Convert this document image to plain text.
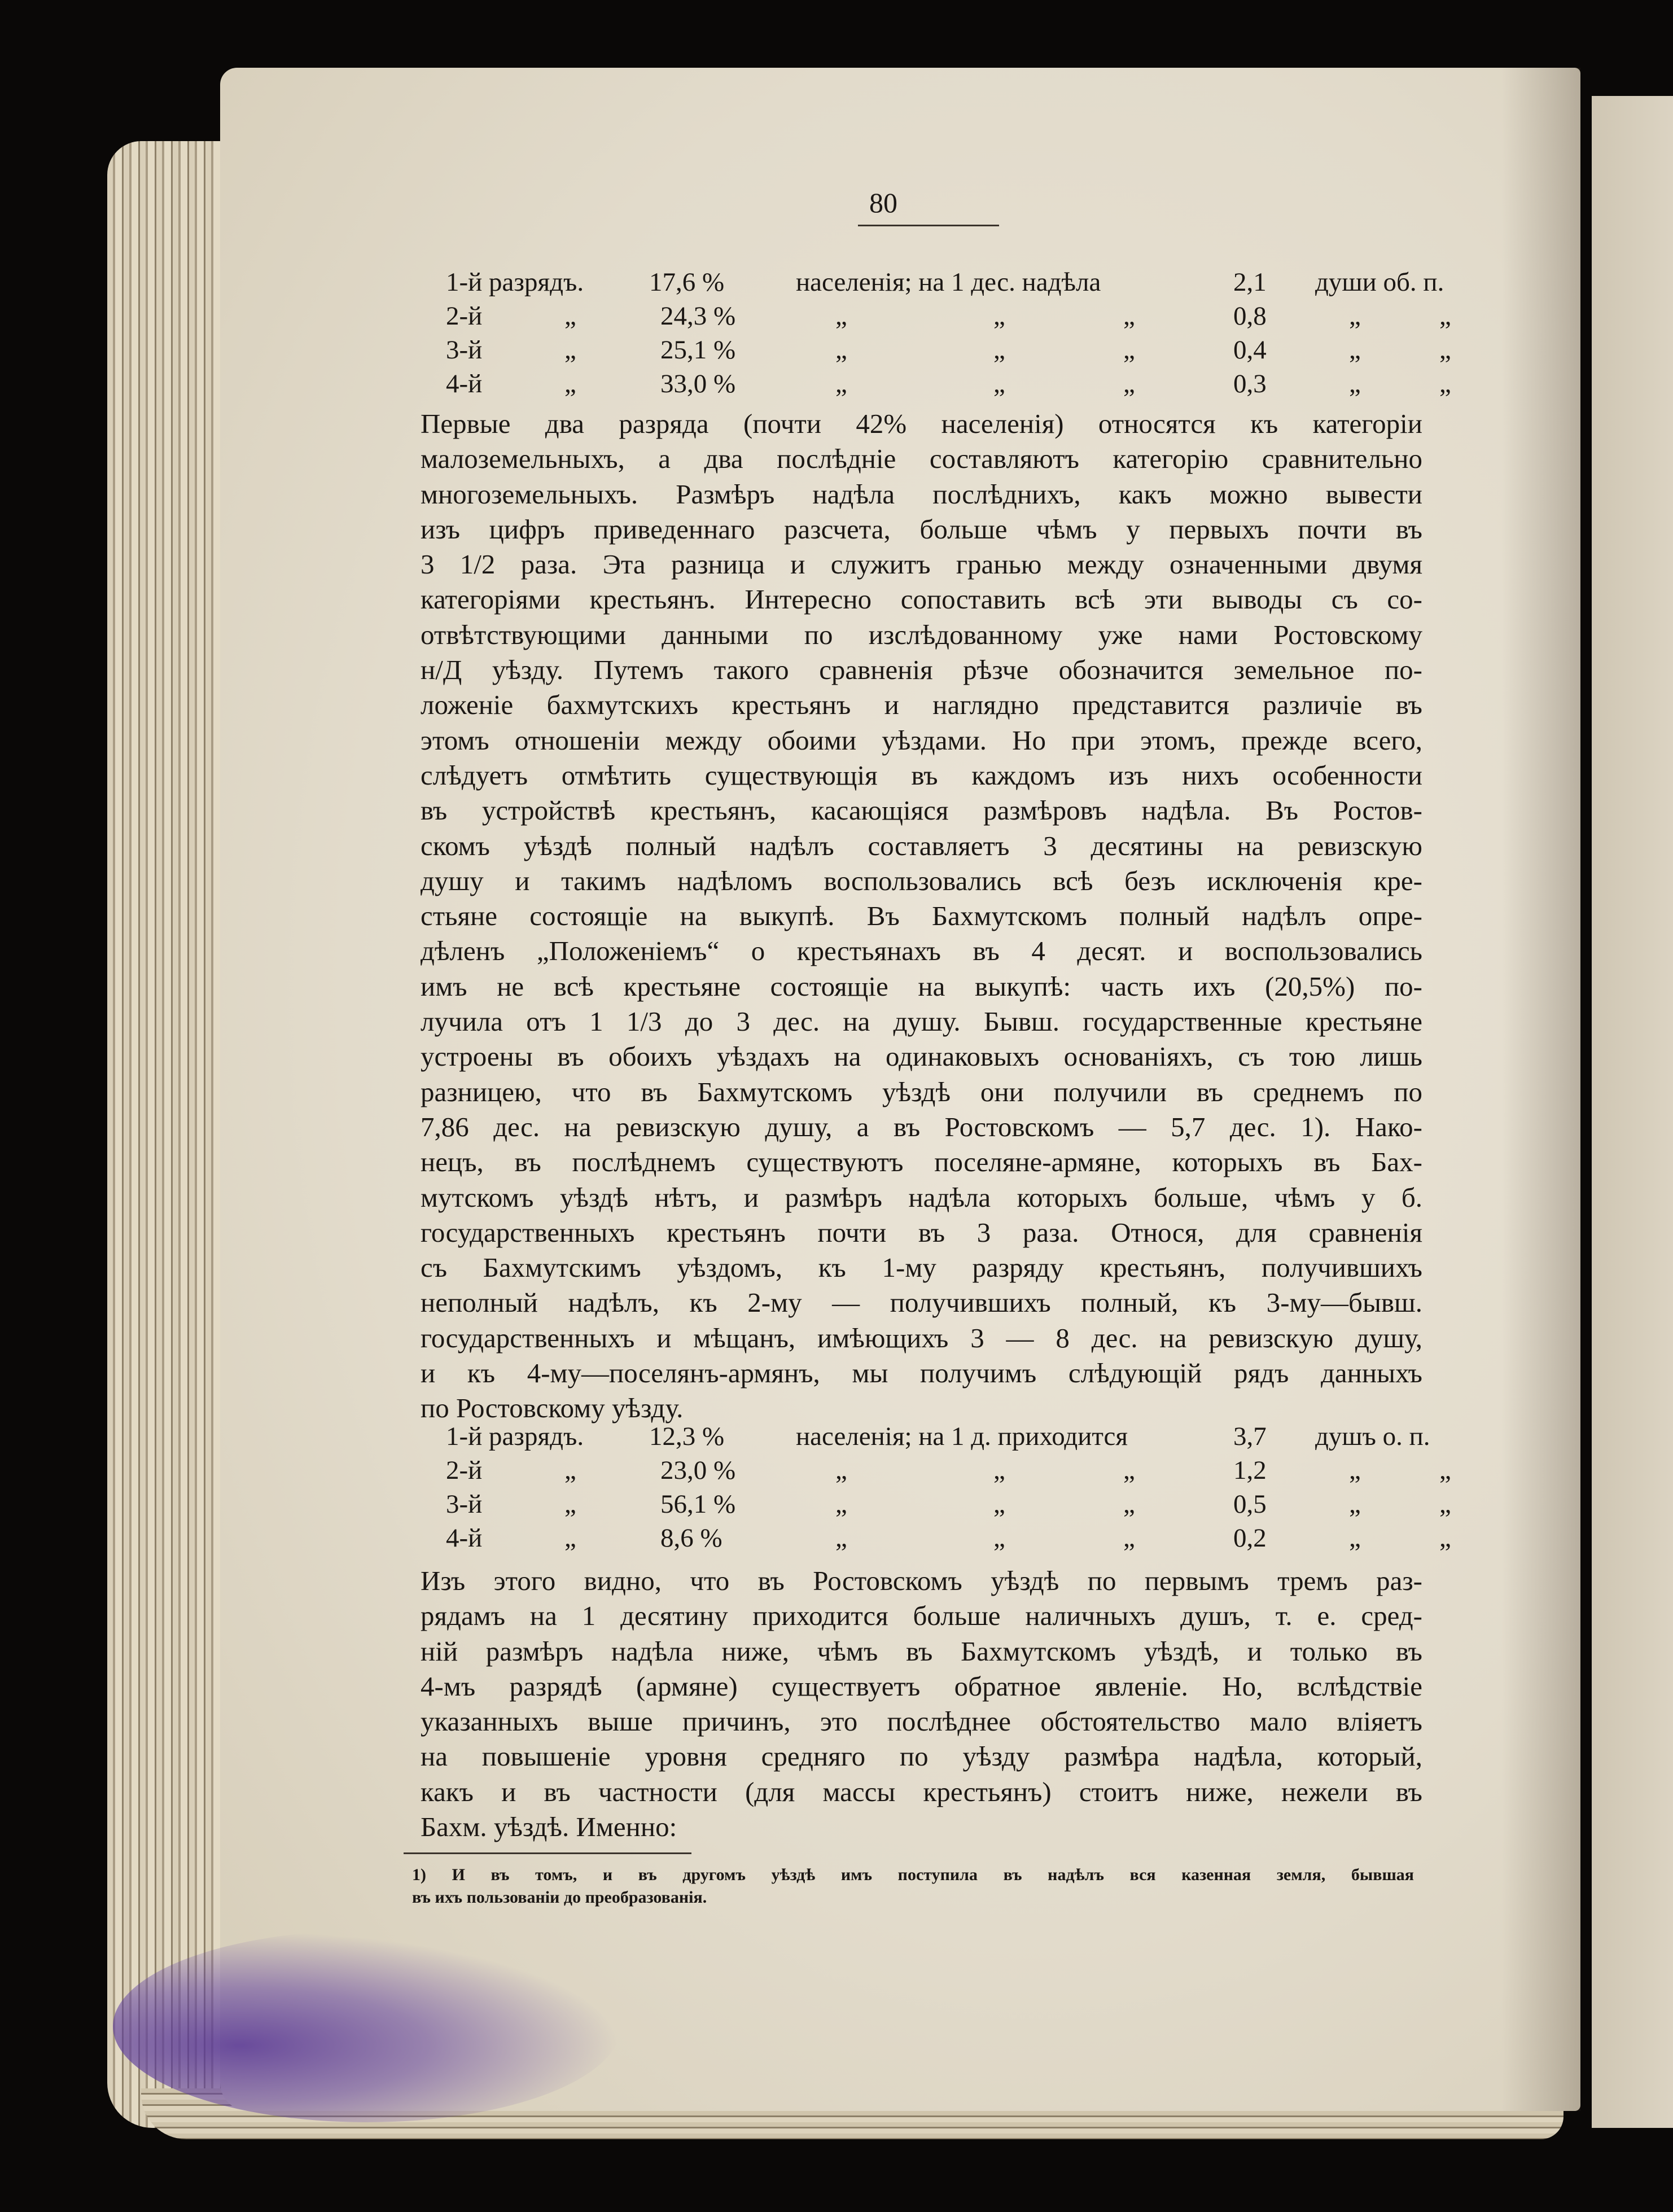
80
1-й разрядъ. 17,6 %	населенія; на 1 дес. надѣла	2,1 души об. п.
2-й	„	24,3 %	„	„	„	0,8	„	„
3-й	„	25,1 %	„	„	„	0,4	„	„
4-й	„	33,0 %	„	„	„	0,3	„	„
Первые два разряда (почти 42% населенія) относятся къ категоріи
малоземельныхъ, а два послѣдніе составляютъ категорію сравнительно
многоземельныхъ. Размѣръ надѣла послѣднихъ, какъ можно вывести
изъ цифръ приведеннаго разсчета, больше чѣмъ у первыхъ почти въ
3 1/2 раза. Эта разница и служитъ гранью между означенными двумя
категоріями крестьянъ. Интересно сопоставить всѣ эти выводы съ со-
отвѣтствующими данными по изслѣдованному уже нами Ростовскому
н/Д уѣзду. Путемъ такого сравненія рѣзче обозначится земельное по-
ложеніе бахмутскихъ крестьянъ и наглядно представится различіе въ
этомъ отношеніи между обоими уѣздами. Но при этомъ, прежде всего,
слѣдуетъ отмѣтить существующія въ каждомъ изъ нихъ особенности
въ устройствѣ крестьянъ, касающіяся размѣровъ надѣла. Въ Ростов-
скомъ уѣздѣ полный надѣлъ составляетъ 3 десятины на ревизскую
душу и такимъ надѣломъ воспользовались всѣ безъ исключенія кре-
стьяне состоящіе на выкупѣ. Въ Бахмутскомъ полный надѣлъ опре-
дѣленъ „Положеніемъ“ о крестьянахъ въ 4 десят. и воспользовались
имъ не всѣ крестьяне состоящіе на выкупѣ: часть ихъ (20,5%) по-
лучила отъ 1 1/3 до 3 дес. на душу. Бывш. государственные крестьяне
устроены въ обоихъ уѣздахъ на одинаковыхъ основаніяхъ, съ тою лишь
разницею, что въ Бахмутскомъ уѣздѣ они получили въ среднемъ по
7,86 дес. на ревизскую душу, а въ Ростовскомъ — 5,7 дес. 1). Нако-
нецъ, въ послѣднемъ существуютъ поселяне-армяне, которыхъ въ Бах-
мутскомъ уѣздѣ нѣтъ, и размѣръ надѣла которыхъ больше, чѣмъ у б.
государственныхъ крестьянъ почти въ 3 раза. Относя, для сравненія
съ Бахмутскимъ уѣздомъ, къ 1-му разряду крестьянъ, получившихъ
неполный надѣлъ, къ 2-му — получившихъ полный, къ 3-му—бывш.
государственныхъ и мѣщанъ, имѣющихъ 3 — 8 дес. на ревизскую душу,
и къ 4-му—поселянъ-армянъ, мы получимъ слѣдующій рядъ данныхъ
по Ростовскому уѣзду.
1-й разрядъ. 12,3 %	населенія; на 1 д. приходится	3,7 душъ о. п.
2-й	„	23,0 %	„	„	„	1,2	„	„
3-й	„	56,1 %	„	„	„	0,5	„	„
4-й	„	8,6 %	„	„	„	0,2	„	„
Изъ этого видно, что въ Ростовскомъ уѣздѣ по первымъ тремъ раз-
рядамъ на 1 десятину приходится больше наличныхъ душъ, т. е. сред-
ній размѣръ надѣла ниже, чѣмъ въ Бахмутскомъ уѣздѣ, и только въ
4-мъ разрядѣ (армяне) существуетъ обратное явленіе. Но, вслѣдствіе
указанныхъ выше причинъ, это послѣднее обстоятельство мало вліяетъ
на повышеніе уровня средняго по уѣзду размѣра надѣла, который,
какъ и въ частности (для массы крестьянъ) стоитъ ниже, нежели въ
Бахм. уѣздѣ. Именно:
1) И въ томъ, и въ другомъ уѣздѣ имъ поступила въ надѣлъ вся казенная земля, бывшая
въ ихъ пользованіи до преобразованія.
